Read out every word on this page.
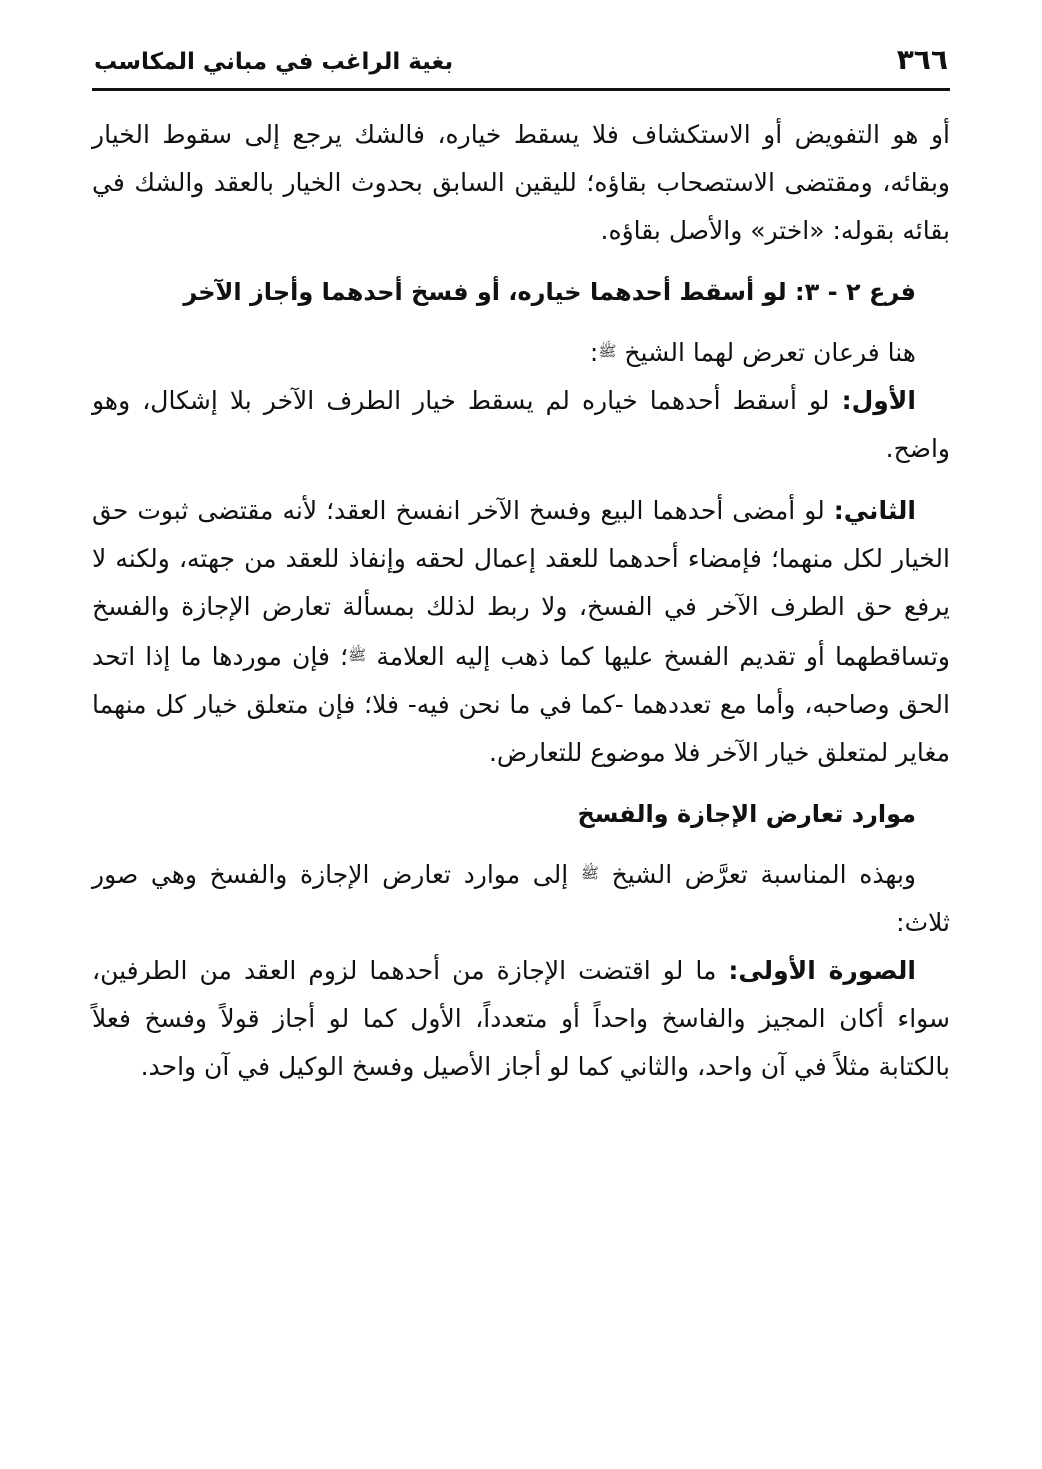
٣٦٦
بغية الراغب في مباني المكاسب

أو هو التفويض أو الاستكشاف فلا يسقط خياره، فالشك يرجع إلى سقوط الخيار وبقائه، ومقتضى الاستصحاب بقاؤه؛ لليقين السابق بحدوث الخيار بالعقد والشك في بقائه بقوله: «اختر» والأصل بقاؤه.

فرع ٢ - ٣: لو أسقط أحدهما خياره، أو فسخ أحدهما وأجاز الآخر

هنا فرعان تعرض لهما الشيخ $^ﷺ$:

الأول: لو أسقط أحدهما خياره لم يسقط خيار الطرف الآخر بلا إشكال، وهو واضح.

الثاني: لو أمضى أحدهما البيع وفسخ الآخر انفسخ العقد؛ لأنه مقتضى ثبوت حق الخيار لكل منهما؛ فإمضاء أحدهما للعقد إعمال لحقه وإنفاذ للعقد من جهته، ولكنه لا يرفع حق الطرف الآخر في الفسخ، ولا ربط لذلك بمسألة تعارض الإجازة والفسخ وتساقطهما أو تقديم الفسخ عليها كما ذهب إليه العلامة $^ﷺ$؛ فإن موردها ما إذا اتحد الحق وصاحبه، وأما مع تعددهما -كما في ما نحن فيه- فلا؛ فإن متعلق خيار كل منهما مغاير لمتعلق خيار الآخر فلا موضوع للتعارض.

موارد تعارض الإجازة والفسخ

وبهذه المناسبة تعرَّض الشيخ $^ﷺ$ إلى موارد تعارض الإجازة والفسخ وهي صور ثلاث:

الصورة الأولى: ما لو اقتضت الإجازة من أحدهما لزوم العقد من الطرفين، سواء أكان المجيز والفاسخ واحداً أو متعدداً، الأول كما لو أجاز قولاً وفسخ فعلاً بالكتابة مثلاً في آن واحد، والثاني كما لو أجاز الأصيل وفسخ الوكيل في آن واحد.
